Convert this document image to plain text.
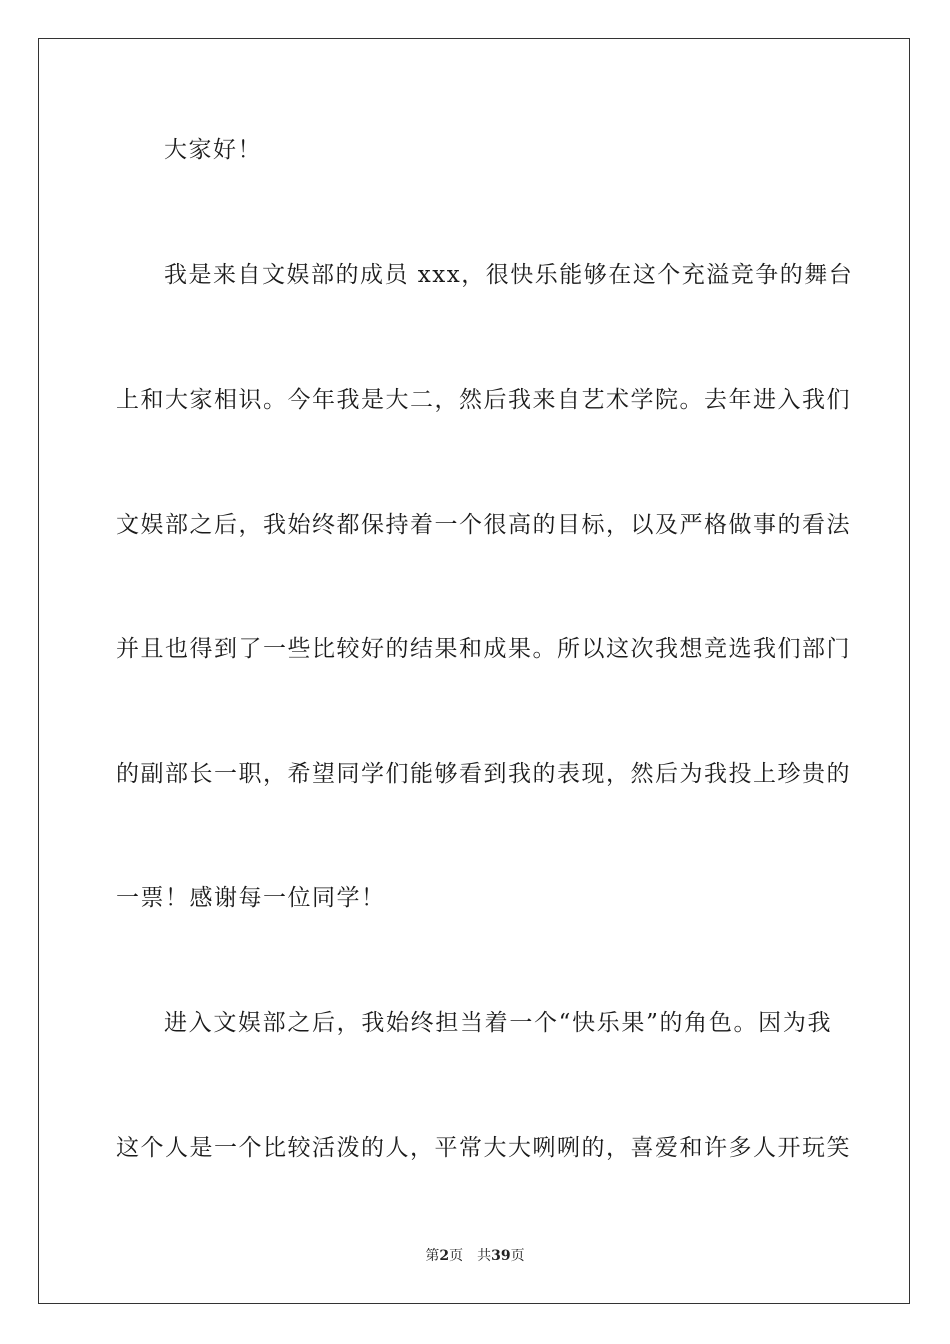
大家好！
我是来自文娱部的成员 xxx，很快乐能够在这个充溢竞争的舞台
上和大家相识。今年我是大二，然后我来自艺术学院。去年进入我们
文娱部之后，我始终都保持着一个很高的目标，以及严格做事的看法
并且也得到了一些比较好的结果和成果。所以这次我想竞选我们部门
的副部长一职，希望同学们能够看到我的表现，然后为我投上珍贵的
一票！感谢每一位同学！
进入文娱部之后，我始终担当着一个“快乐果”的角色。因为我
这个人是一个比较活泼的人，平常大大咧咧的，喜爱和许多人开玩笑
第2页 共39页
